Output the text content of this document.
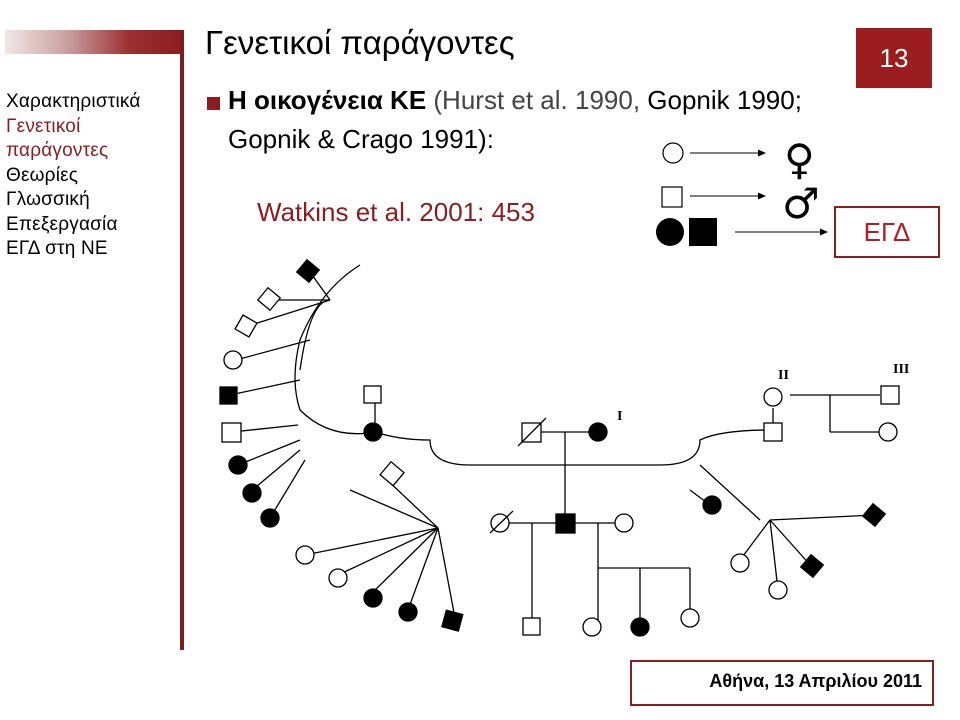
Χαρακτηριστικά
Γενετικοί
παράγοντες
Θεωρίες
Γλωσσική
Επεξεργασία
ΕΓΔ στη ΝΕ
Γενετικοί παράγοντες	13
Η οικογένεια ΚΕ (Hurst et al. 1990, Gopnik 1990;
Gopnik & Crago 1991):
Watkins et al. 2001: 453
♀
♂
ΕΓΔ
I
II	III
Αθήνα, 13 Απριλίου 2011
